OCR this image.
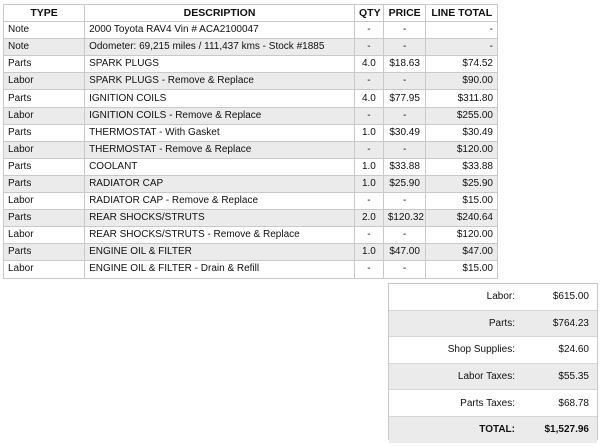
TYPE	DESCRIPTION	QTY	PRICE	LINE TOTAL
Note	2000 Toyota RAV4 Vin # ACA2100047	-	-	-
Note	Odometer: 69,215 miles / 111,437 kms - Stock #1885	-	-	-
Parts	SPARK PLUGS	4.0	$18.63	$74.52
Labor	SPARK PLUGS - Remove & Replace	-	-	$90.00
Parts	IGNITION COILS	4.0	$77.95	$311.80
Labor	IGNITION COILS - Remove & Replace	-	-	$255.00
Parts	THERMOSTAT - With Gasket	1.0	$30.49	$30.49
Labor	THERMOSTAT - Remove & Replace	-	-	$120.00
Parts	COOLANT	1.0	$33.88	$33.88
Parts	RADIATOR CAP	1.0	$25.90	$25.90
Labor	RADIATOR CAP - Remove & Replace	-	-	$15.00
Parts	REAR SHOCKS/STRUTS	2.0	$120.32	$240.64
Labor	REAR SHOCKS/STRUTS - Remove & Replace	-	-	$120.00
Parts	ENGINE OIL & FILTER	1.0	$47.00	$47.00
Labor	ENGINE OIL & FILTER - Drain & Refill	-	-	$15.00
Labor:	$615.00
Parts:	$764.23
Shop Supplies:	$24.60
Labor Taxes:	$55.35
Parts Taxes:	$68.78
TOTAL:	$1,527.96
